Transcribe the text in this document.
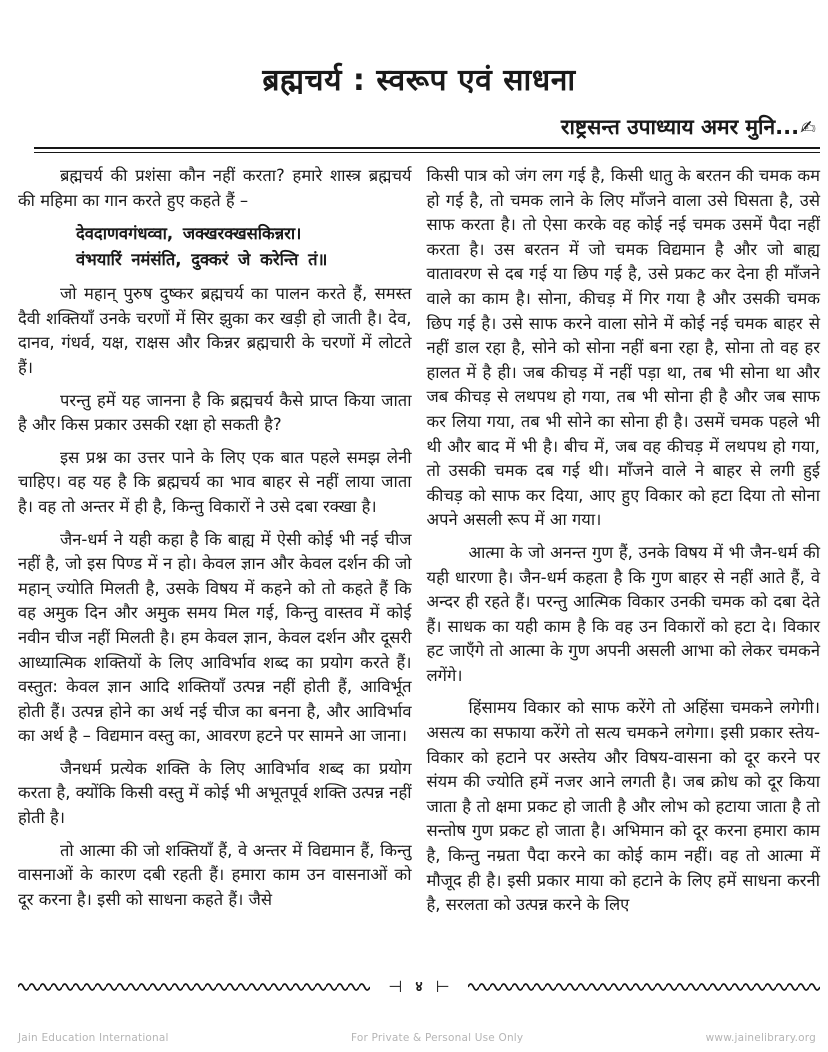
ब्रह्मचर्य : स्वरूप एवं साधना
राष्ट्रसन्त उपाध्याय अमर मुनि...✍

ब्रह्मचर्य की प्रशंसा कौन नहीं करता? हमारे शास्त्र ब्रह्मचर्य की महिमा का गान करते हुए कहते हैं –

देवदाणवगंधव्वा, जक्खरक्खसकिन्नरा।
वंभयारिं नमंसंति, दुक्करं जे करेन्ति तं॥

जो महान् पुरुष दुष्कर ब्रह्मचर्य का पालन करते हैं, समस्त दैवी शक्तियाँ उनके चरणों में सिर झुका कर खड़ी हो जाती है। देव, दानव, गंधर्व, यक्ष, राक्षस और किन्नर ब्रह्मचारी के चरणों में लोटते हैं।

परन्तु हमें यह जानना है कि ब्रह्मचर्य कैसे प्राप्त किया जाता है और किस प्रकार उसकी रक्षा हो सकती है?

इस प्रश्न का उत्तर पाने के लिए एक बात पहले समझ लेनी चाहिए। वह यह है कि ब्रह्मचर्य का भाव बाहर से नहीं लाया जाता है। वह तो अन्तर में ही है, किन्तु विकारों ने उसे दबा रक्खा है।

जैन-धर्म ने यही कहा है कि बाह्य में ऐसी कोई भी नई चीज नहीं है, जो इस पिण्ड में न हो। केवल ज्ञान और केवल दर्शन की जो महान् ज्योति मिलती है, उसके विषय में कहने को तो कहते हैं कि वह अमुक दिन और अमुक समय मिल गई, किन्तु वास्तव में कोई नवीन चीज नहीं मिलती है। हम केवल ज्ञान, केवल दर्शन और दूसरी आध्यात्मिक शक्तियों के लिए आविर्भाव शब्द का प्रयोग करते हैं। वस्तुत: केवल ज्ञान आदि शक्तियाँ उत्पन्न नहीं होती हैं, आविर्भूत होती हैं। उत्पन्न होने का अर्थ नई चीज का बनना है, और आविर्भाव का अर्थ है – विद्यमान वस्तु का, आवरण हटने पर सामने आ जाना।

जैनधर्म प्रत्येक शक्ति के लिए आविर्भाव शब्द का प्रयोग करता है, क्योंकि किसी वस्तु में कोई भी अभूतपूर्व शक्ति उत्पन्न नहीं होती है।

तो आत्मा की जो शक्तियाँ हैं, वे अन्तर में विद्यमान हैं, किन्तु वासनाओं के कारण दबी रहती हैं। हमारा काम उन वासनाओं को दूर करना है। इसी को साधना कहते हैं। जैसे

किसी पात्र को जंग लग गई है, किसी धातु के बरतन की चमक कम हो गई है, तो चमक लाने के लिए माँजने वाला उसे घिसता है, उसे साफ करता है। तो ऐसा करके वह कोई नई चमक उसमें पैदा नहीं करता है। उस बरतन में जो चमक विद्यमान है और जो बाह्य वातावरण से दब गई या छिप गई है, उसे प्रकट कर देना ही माँजने वाले का काम है। सोना, कीचड़ में गिर गया है और उसकी चमक छिप गई है। उसे साफ करने वाला सोने में कोई नई चमक बाहर से नहीं डाल रहा है, सोने को सोना नहीं बना रहा है, सोना तो वह हर हालत में है ही। जब कीचड़ में नहीं पड़ा था, तब भी सोना था और जब कीचड़ से लथपथ हो गया, तब भी सोना ही है और जब साफ कर लिया गया, तब भी सोने का सोना ही है। उसमें चमक पहले भी थी और बाद में भी है। बीच में, जब वह कीचड़ में लथपथ हो गया, तो उसकी चमक दब गई थी। माँजने वाले ने बाहर से लगी हुई कीचड़ को साफ कर दिया, आए हुए विकार को हटा दिया तो सोना अपने असली रूप में आ गया।

आत्मा के जो अनन्त गुण हैं, उनके विषय में भी जैन-धर्म की यही धारणा है। जैन-धर्म कहता है कि गुण बाहर से नहीं आते हैं, वे अन्दर ही रहते हैं। परन्तु आत्मिक विकार उनकी चमक को दबा देते हैं। साधक का यही काम है कि वह उन विकारों को हटा दे। विकार हट जाएँगे तो आत्मा के गुण अपनी असली आभा को लेकर चमकने लगेंगे।

हिंसामय विकार को साफ करेंगे तो अहिंसा चमकने लगेगी। असत्य का सफाया करेंगे तो सत्य चमकने लगेगा। इसी प्रकार स्तेय-विकार को हटाने पर अस्तेय और विषय-वासना को दूर करने पर संयम की ज्योति हमें नजर आने लगती है। जब क्रोध को दूर किया जाता है तो क्षमा प्रकट हो जाती है और लोभ को हटाया जाता है तो सन्तोष गुण प्रकट हो जाता है। अभिमान को दूर करना हमारा काम है, किन्तु नम्रता पैदा करने का कोई काम नहीं। वह तो आत्मा में मौजूद ही है। इसी प्रकार माया को हटाने के लिए हमें साधना करनी है, सरलता को उत्पन्न करने के लिए

⊣ ४ ⊢
Jain Education International	For Private & Personal Use Only	www.jainelibrary.org
